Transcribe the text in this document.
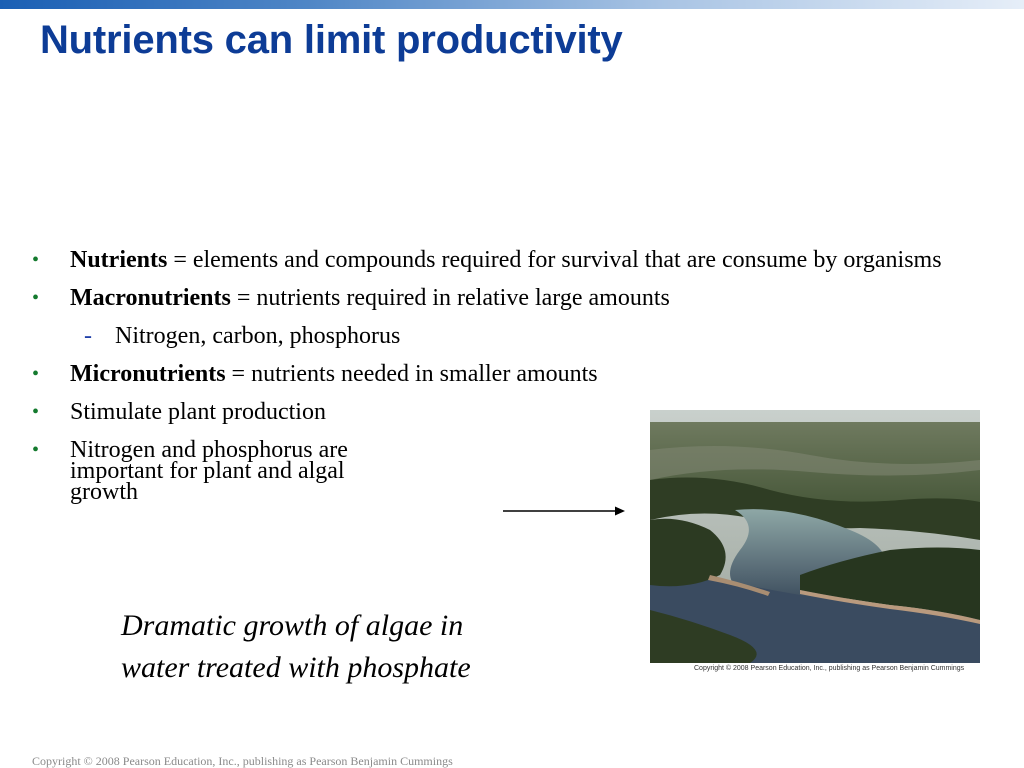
Nutrients can limit productivity
• Nutrients = elements and compounds required for survival that are consume by organisms
• Macronutrients = nutrients required in relative large amounts
- Nitrogen, carbon, phosphorus
• Micronutrients = nutrients needed in smaller amounts
• Stimulate plant production
• Nitrogen and phosphorus are important for plant and algal growth
Copyright © 2008 Pearson Education, Inc., publishing as Pearson Benjamin Cummings
Dramatic growth of algae in
water treated with phosphate
Copyright © 2008 Pearson Education, Inc., publishing as Pearson Benjamin Cummings
